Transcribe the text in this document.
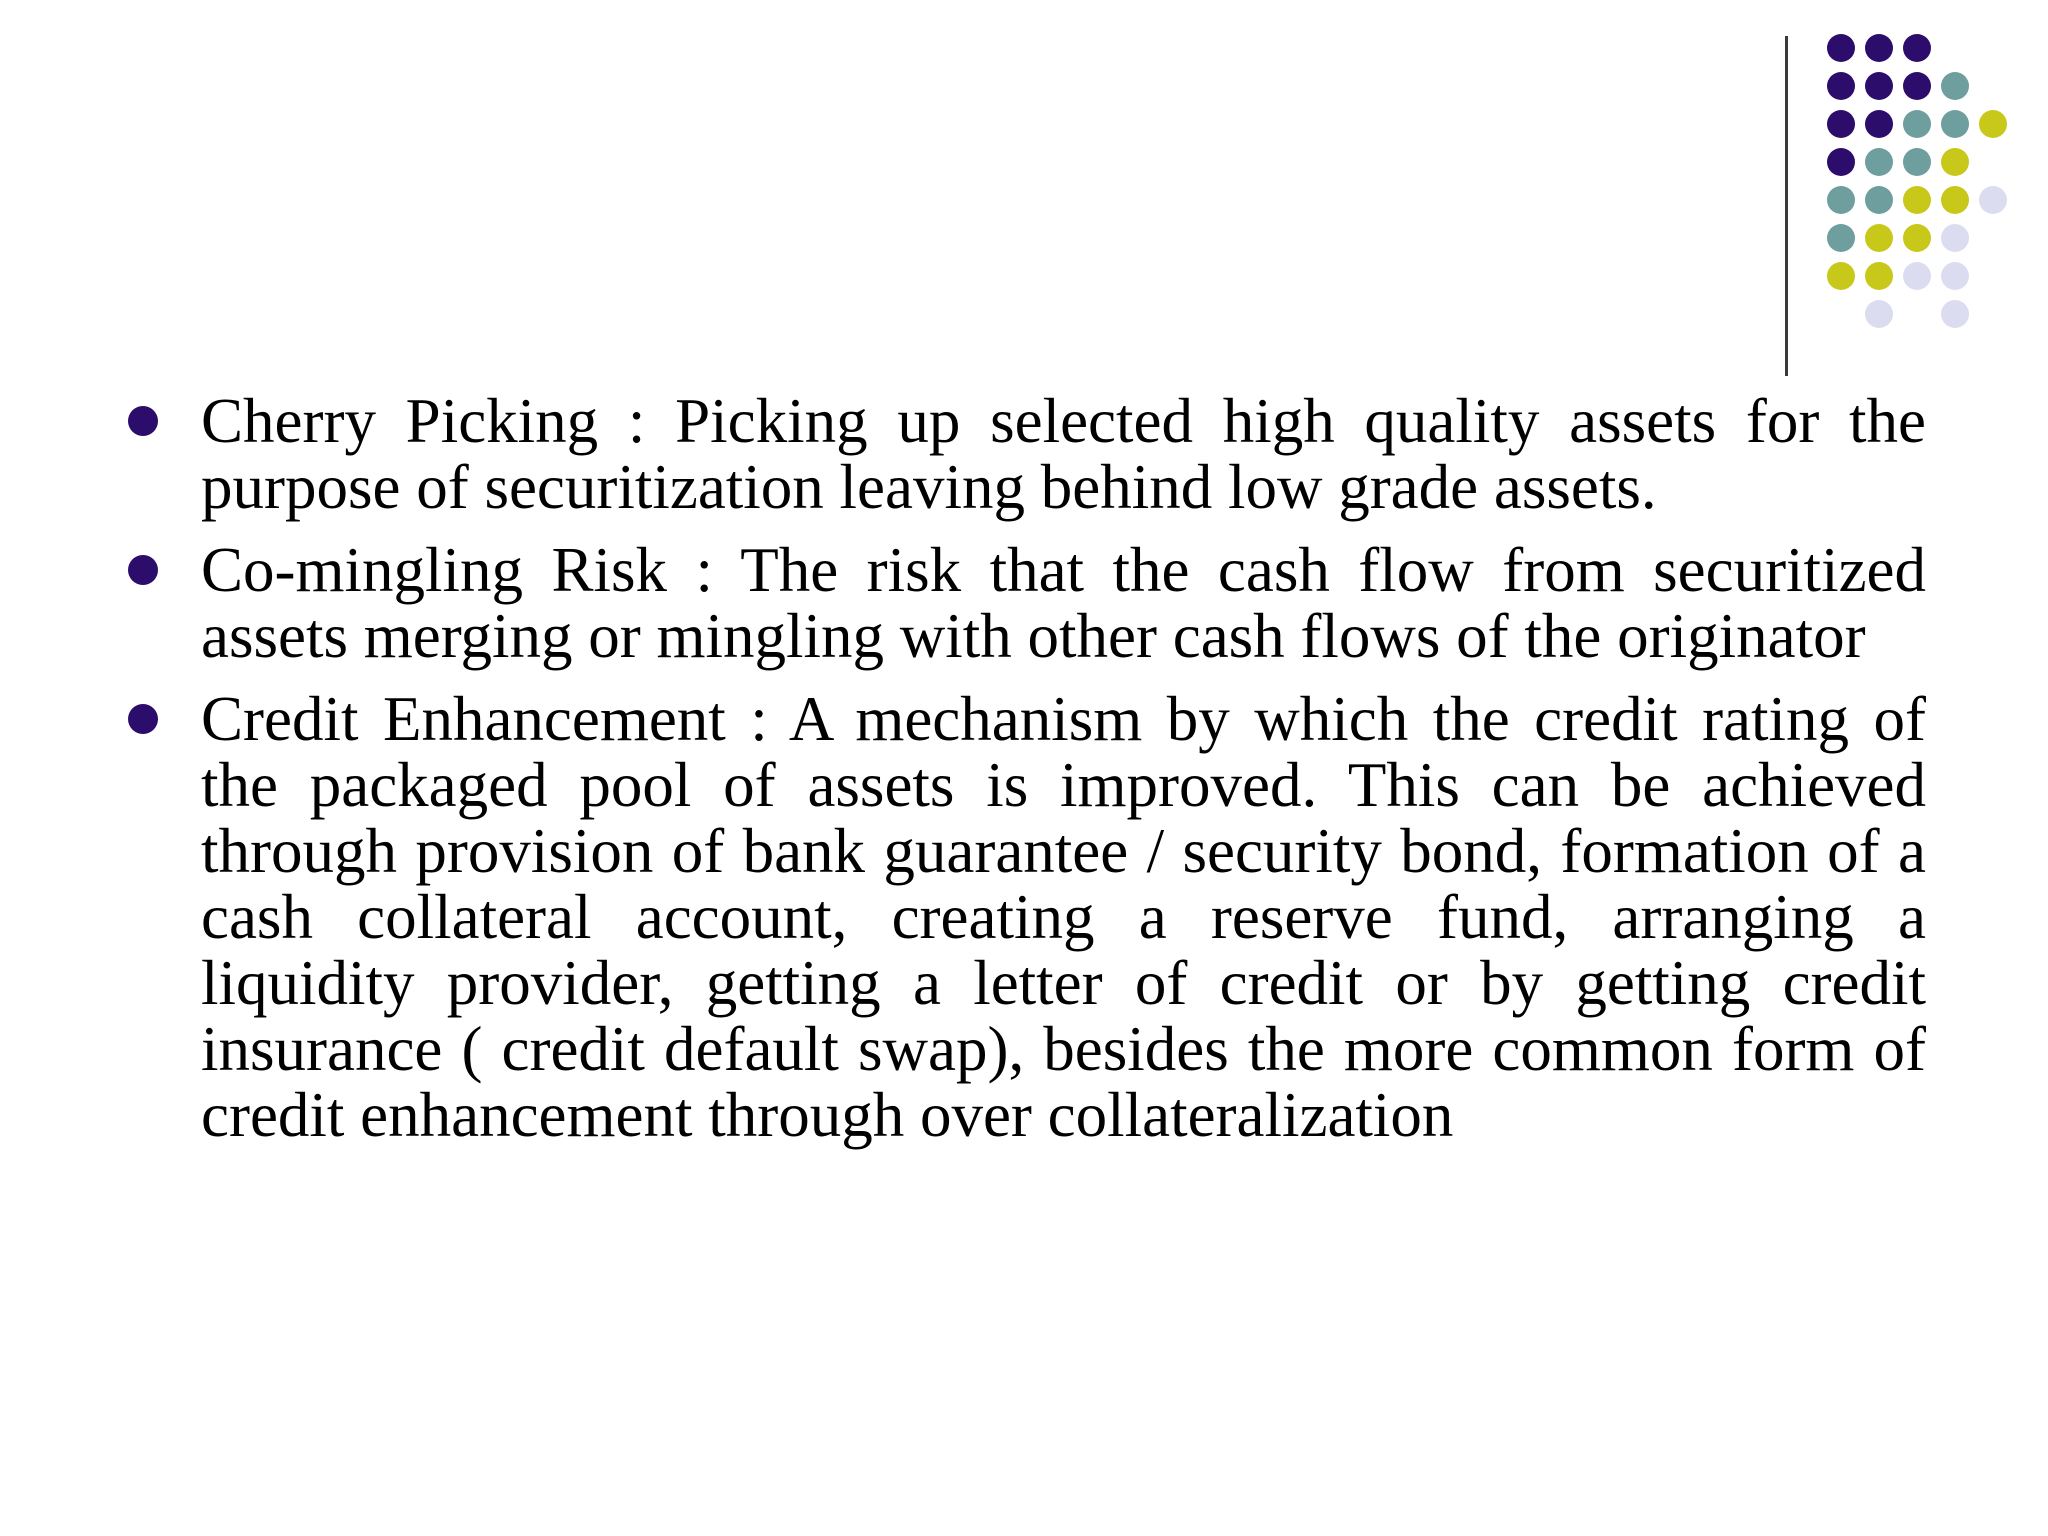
Cherry Picking : Picking up selected high quality assets for the purpose of securitization leaving behind low grade assets.
Co-mingling Risk : The risk that the cash flow from securitized assets merging or mingling with other cash flows of the originator
Credit Enhancement : A mechanism by which the credit rating of the packaged pool of assets is improved. This can be achieved through provision of bank guarantee / security bond, formation of a cash collateral account, creating a reserve fund, arranging a liquidity provider, getting a letter of credit or by getting credit insurance ( credit default swap), besides the more common form of credit enhancement through over collateralization
